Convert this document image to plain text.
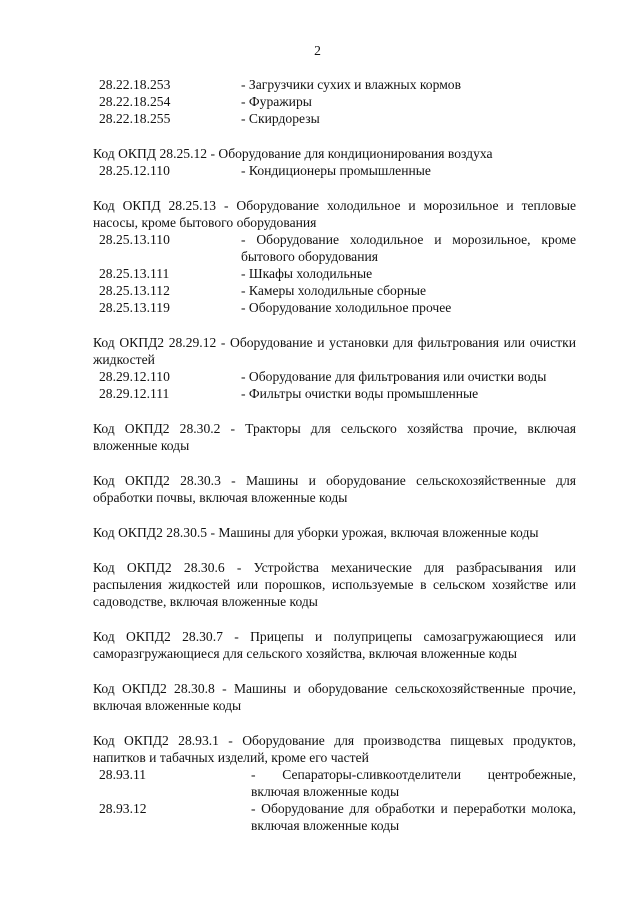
2
28.22.18.253	- Загрузчики сухих и влажных кормов
28.22.18.254	- Фуражиры
28.22.18.255	- Скирдорезы

Код ОКПД 28.25.12 - Оборудование для кондиционирования воздуха

28.25.12.110	- Кондиционеры промышленные

Код ОКПД 28.25.13 - Оборудование холодильное и морозильное и тепловые насосы, кроме бытового оборудования

28.25.13.110	- Оборудование холодильное и морозильное, кроме бытового оборудования
28.25.13.111	- Шкафы холодильные
28.25.13.112	- Камеры холодильные сборные
28.25.13.119	- Оборудование холодильное прочее

Код ОКПД2 28.29.12 - Оборудование и установки для фильтрования или очистки жидкостей

28.29.12.110	- Оборудование для фильтрования или очистки воды
28.29.12.111	- Фильтры очистки воды промышленные

Код ОКПД2 28.30.2 - Тракторы для сельского хозяйства прочие, включая вложенные коды

Код ОКПД2 28.30.3 - Машины и оборудование сельскохозяйственные для обработки почвы, включая вложенные коды

Код ОКПД2 28.30.5 - Машины для уборки урожая, включая вложенные коды

Код ОКПД2 28.30.6 - Устройства механические для разбрасывания или распыления жидкостей или порошков, используемые в сельском хозяйстве или садоводстве, включая вложенные коды

Код ОКПД2 28.30.7 - Прицепы и полуприцепы самозагружающиеся или саморазгружающиеся для сельского хозяйства, включая вложенные коды

Код ОКПД2 28.30.8 - Машины и оборудование сельскохозяйственные прочие, включая вложенные коды

Код ОКПД2 28.93.1 - Оборудование для производства пищевых продуктов, напитков и табачных изделий, кроме его частей

28.93.11	- Сепараторы-сливкоотделители центробежные, включая вложенные коды
28.93.12	- Оборудование для обработки и переработки молока, включая вложенные коды
